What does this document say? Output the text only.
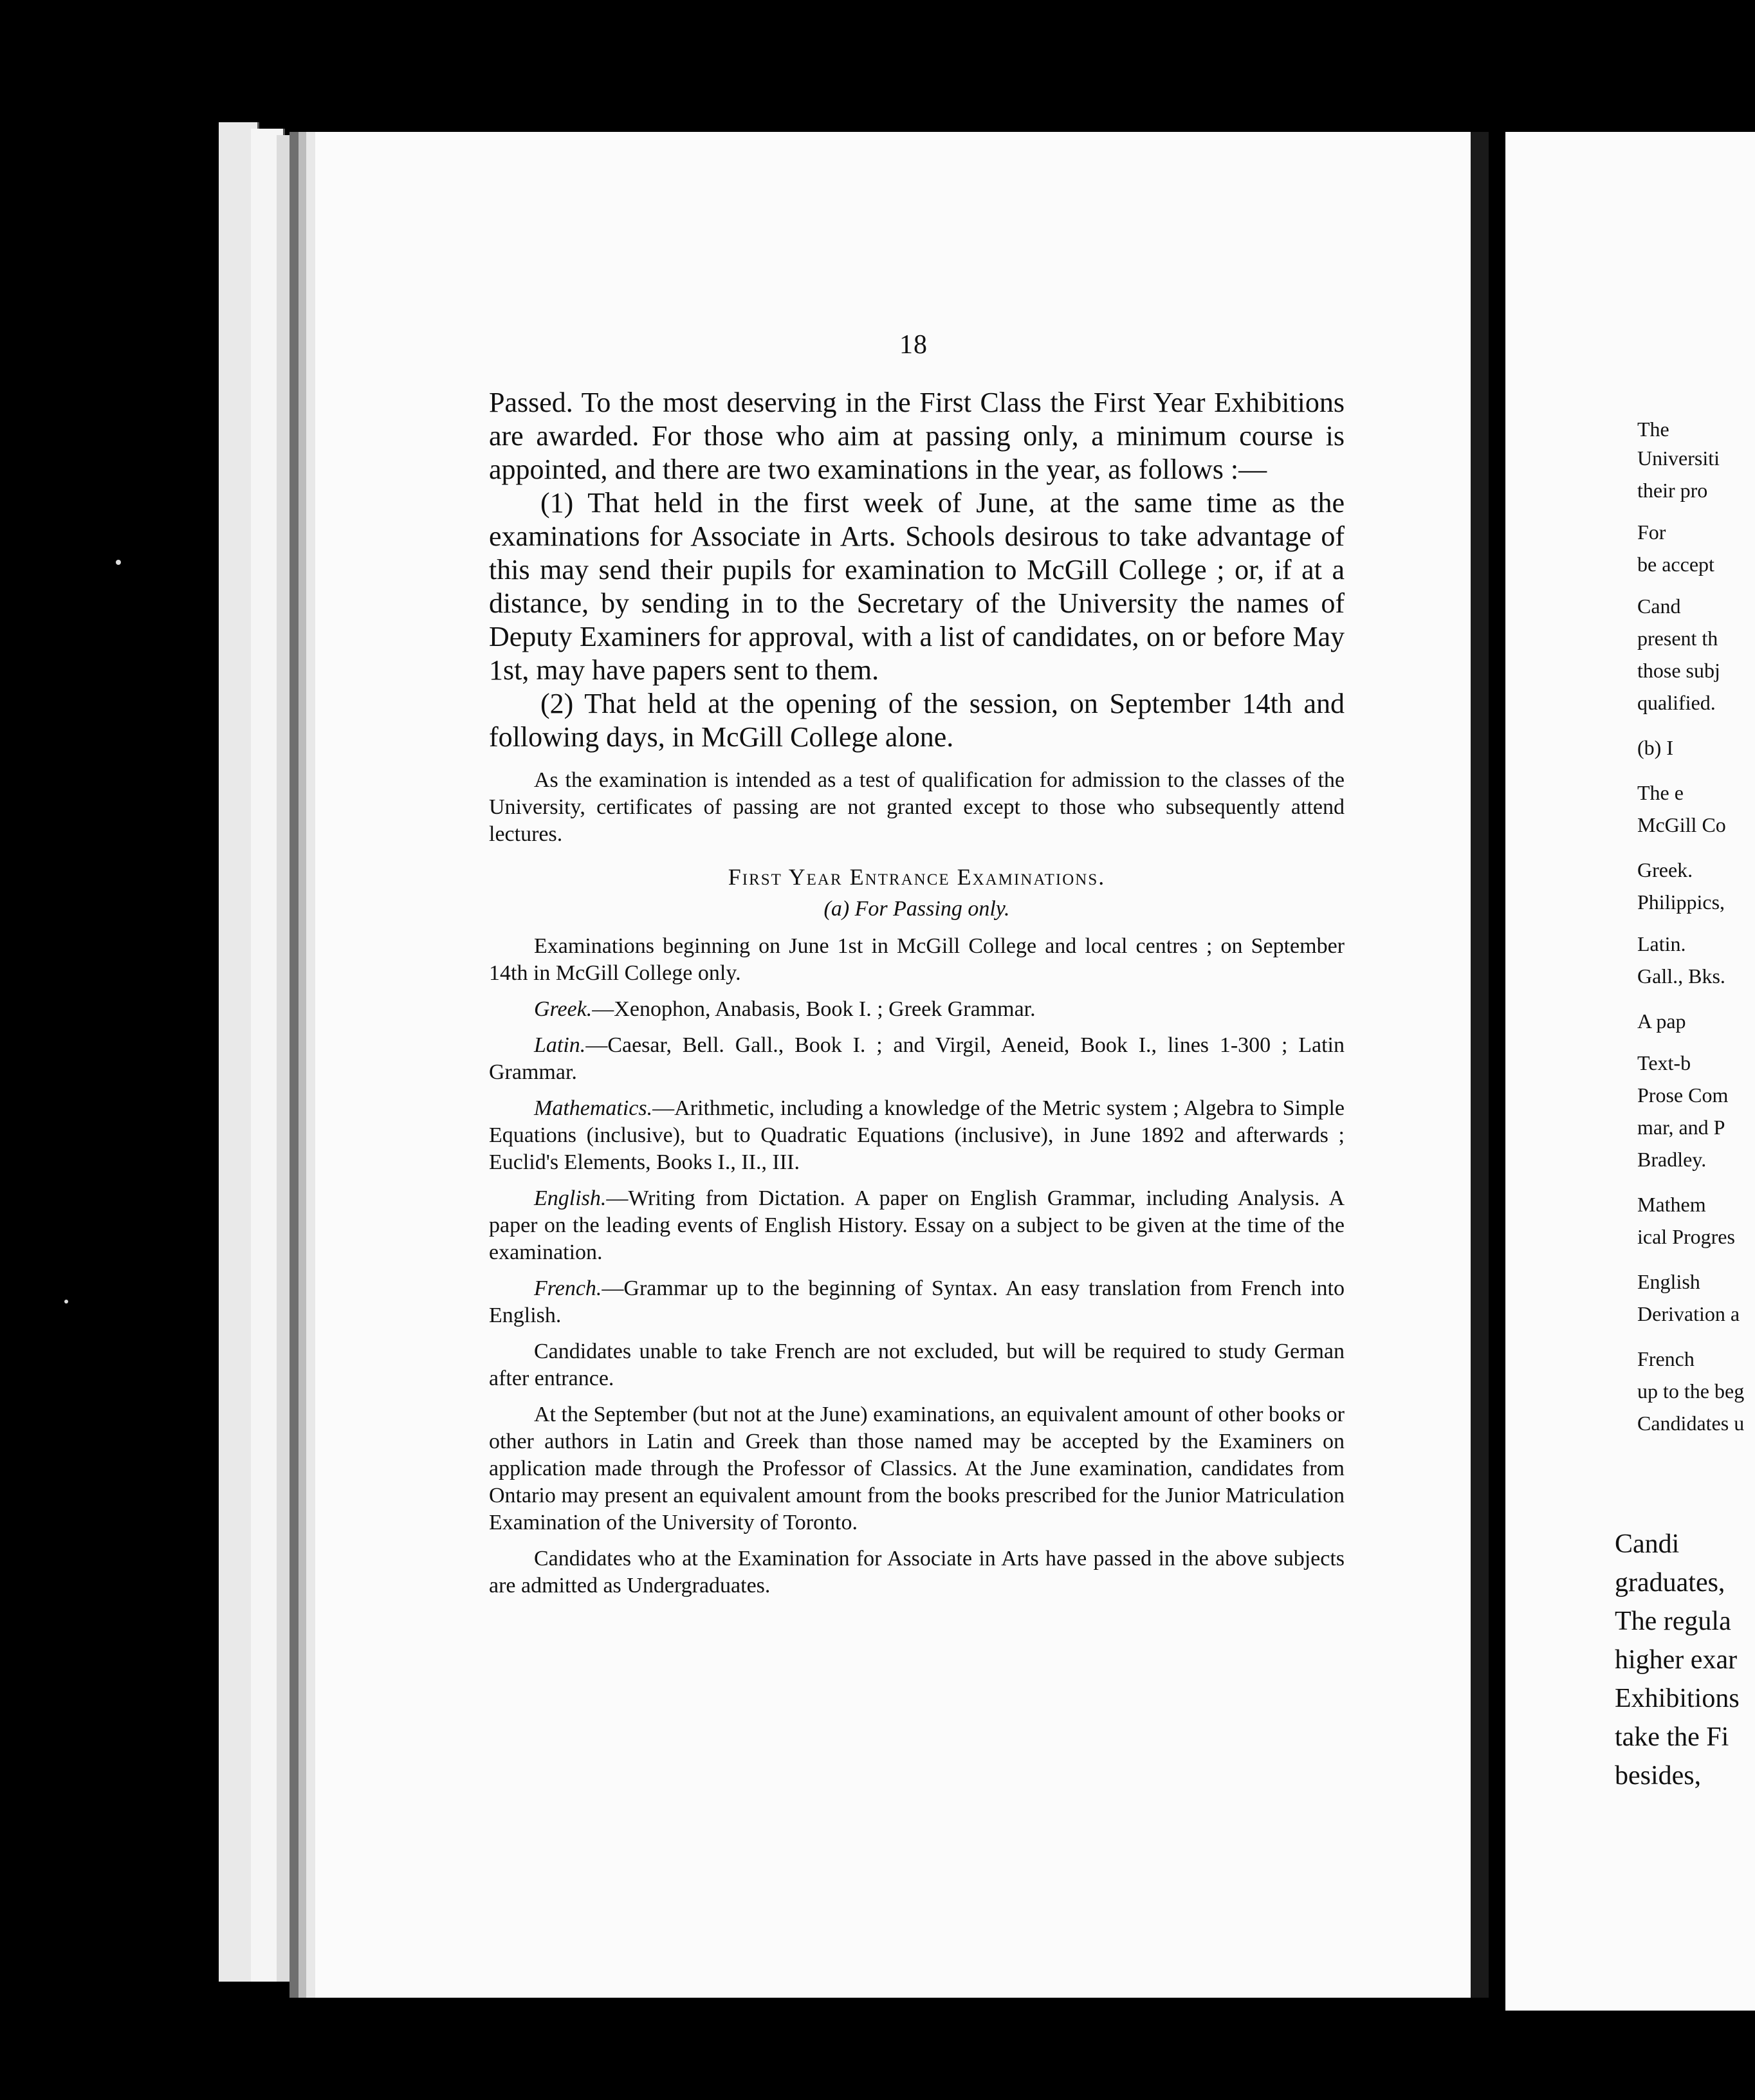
18

Passed. To the most deserving in the First Class the First Year Exhibitions are awarded. For those who aim at passing only, a minimum course is appointed, and there are two examinations in the year, as follows :—

(1) That held in the first week of June, at the same time as the examinations for Associate in Arts. Schools desirous to take advantage of this may send their pupils for examination to McGill College ; or, if at a distance, by sending in to the Secretary of the University the names of Deputy Examiners for approval, with a list of candidates, on or before May 1st, may have papers sent to them.

(2) That held at the opening of the session, on September 14th and following days, in McGill College alone.

As the examination is intended as a test of qualification for admission to the classes of the University, certificates of passing are not granted except to those who subsequently attend lectures.

First Year Entrance Examinations.
(a) For Passing only.

Examinations beginning on June 1st in McGill College and local centres ; on September 14th in McGill College only.

Greek.—Xenophon, Anabasis, Book I. ; Greek Grammar.

Latin.—Caesar, Bell. Gall., Book I. ; and Virgil, Aeneid, Book I., lines 1-300 ; Latin Grammar.

Mathematics.—Arithmetic, including a knowledge of the Metric system ; Algebra to Simple Equations (inclusive), but to Quadratic Equations (inclusive), in June 1892 and afterwards ; Euclid's Elements, Books I., II., III.

English.—Writing from Dictation. A paper on English Grammar, including Analysis. A paper on the leading events of English History. Essay on a subject to be given at the time of the examination.

French.—Grammar up to the beginning of Syntax. An easy translation from French into English.

Candidates unable to take French are not excluded, but will be required to study German after entrance.

At the September (but not at the June) examinations, an equivalent amount of other books or other authors in Latin and Greek than those named may be accepted by the Examiners on application made through the Professor of Classics. At the June examination, candidates from Ontario may present an equivalent amount from the books prescribed for the Junior Matriculation Examination of the University of Toronto.

Candidates who at the Examination for Associate in Arts have passed in the above subjects are admitted as Undergraduates.

The
Universiti
their pro
For
be accept
Cand
present th
those subj
qualified.
(b) I
The e
McGill Co
Greek.
Philippics,
Latin.
Gall., Bks.
A pap
Text-b
Prose Com
mar, and P
Bradley.
Mathem
ical Progres
English
Derivation a
French
up to the beg
Candidates u
Candi
graduates,
The regula
higher exar
Exhibitions
take the Fi
besides,
